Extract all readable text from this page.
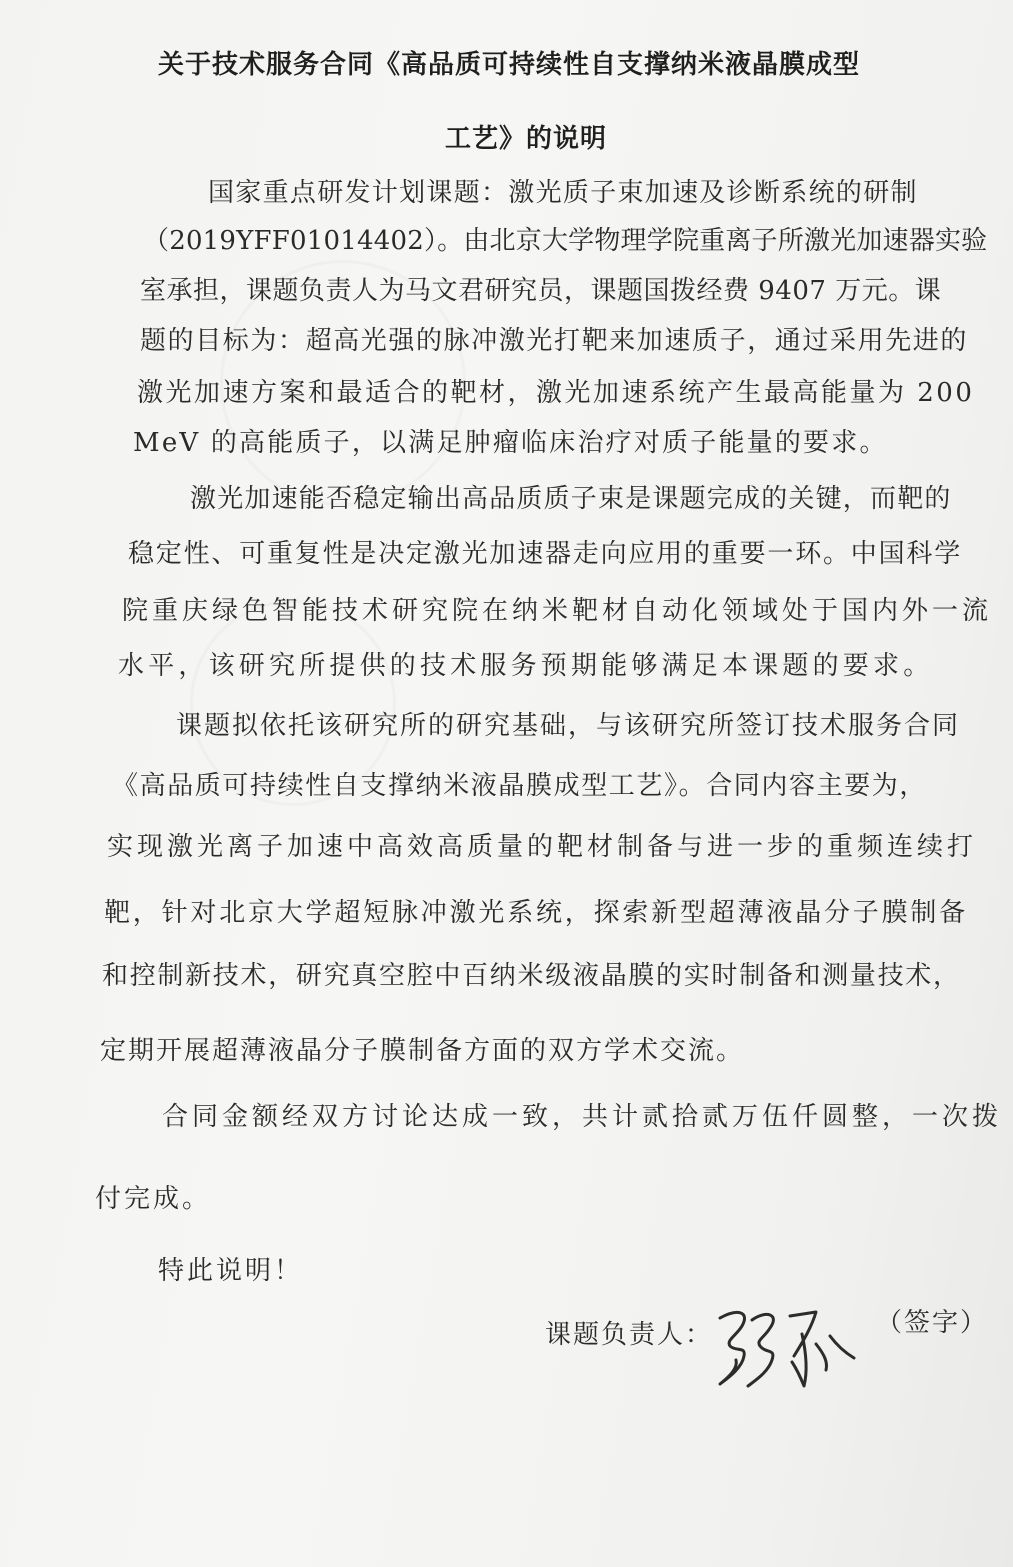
关于技术服务合同《高品质可持续性自支撑纳米液晶膜成型
工艺》的说明
国家重点研发计划课题：激光质子束加速及诊断系统的研制
（2019YFF01014402）。由北京大学物理学院重离子所激光加速器实验
室承担，课题负责人为马文君研究员，课题国拨经费 9407 万元。课
题的目标为：超高光强的脉冲激光打靶来加速质子，通过采用先进的
激光加速方案和最适合的靶材，激光加速系统产生最高能量为 200
MeV 的高能质子，以满足肿瘤临床治疗对质子能量的要求。
激光加速能否稳定输出高品质质子束是课题完成的关键，而靶的
稳定性、可重复性是决定激光加速器走向应用的重要一环。中国科学
院重庆绿色智能技术研究院在纳米靶材自动化领域处于国内外一流
水平，该研究所提供的技术服务预期能够满足本课题的要求。
课题拟依托该研究所的研究基础，与该研究所签订技术服务合同
《高品质可持续性自支撑纳米液晶膜成型工艺》。合同内容主要为，
实现激光离子加速中高效高质量的靶材制备与进一步的重频连续打
靶，针对北京大学超短脉冲激光系统，探索新型超薄液晶分子膜制备
和控制新技术，研究真空腔中百纳米级液晶膜的实时制备和测量技术，
定期开展超薄液晶分子膜制备方面的双方学术交流。
合同金额经双方讨论达成一致，共计贰拾贰万伍仟圆整，一次拨
付完成。
特此说明！
课题负责人：	（签字）
